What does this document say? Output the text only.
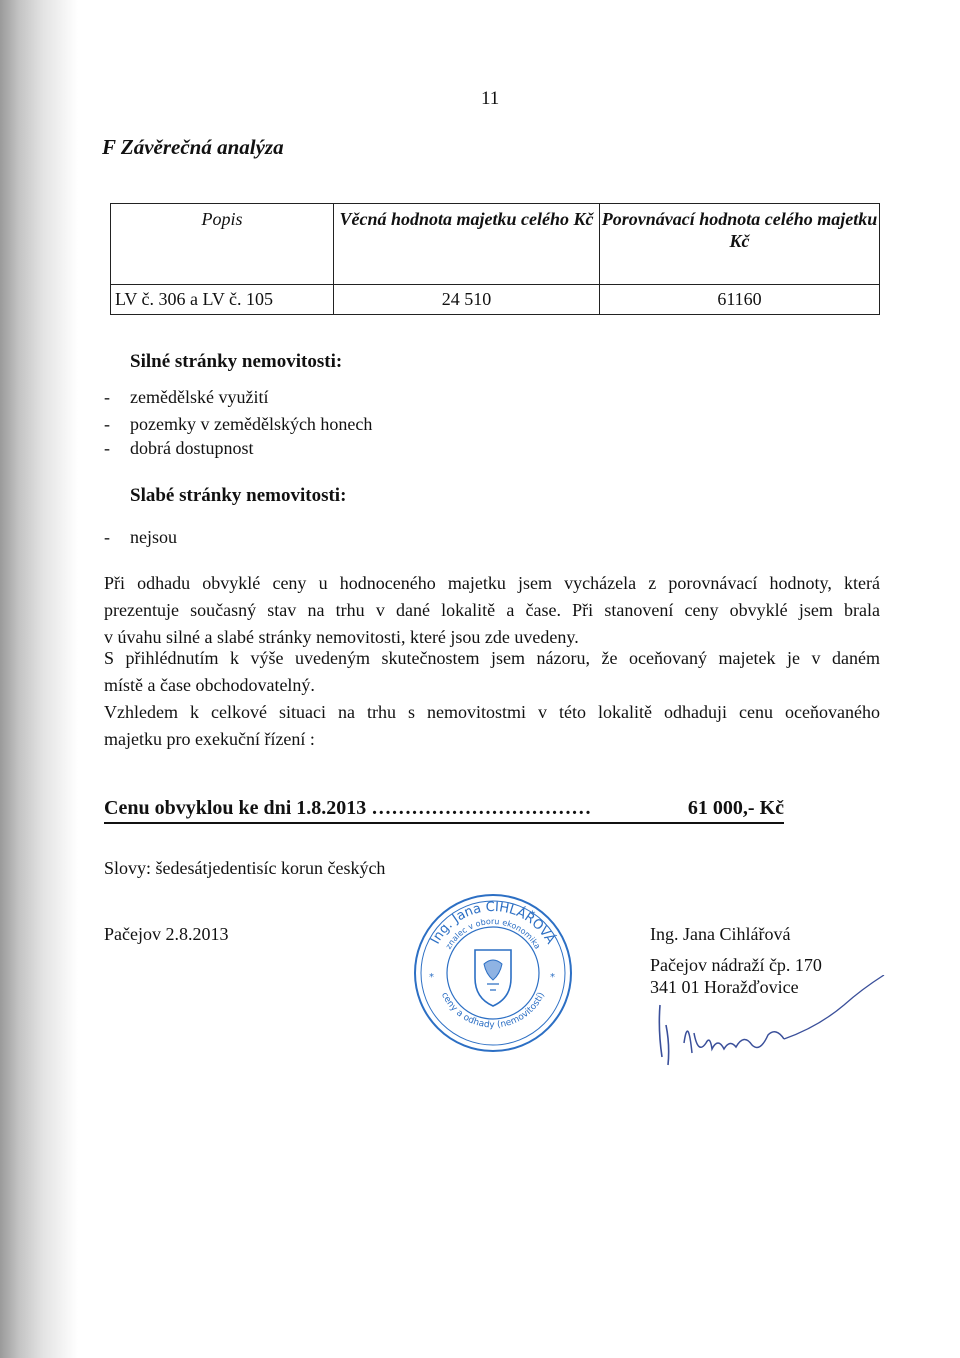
11
F Závěrečná analýza
Popis	Věcná hodnota majetku celého Kč	Porovnávací hodnota celého majetku Kč
LV č. 306 a LV č. 105	24 510	61160
Silné stránky nemovitosti:
- zemědělské využití
- pozemky v zemědělských honech
- dobrá dostupnost
Slabé stránky nemovitosti:
- nejsou
Při odhadu obvyklé ceny u hodnoceného majetku jsem vycházela z porovnávací hodnoty, která
prezentuje současný stav na trhu v dané lokalitě a čase. Při stanovení ceny obvyklé jsem brala
v úvahu silné a slabé stránky nemovitosti, které jsou zde uvedeny.
S přihlédnutím k výše uvedeným skutečnostem jsem názoru, že oceňovaný majetek je v daném
místě a čase obchodovatelný.
Vzhledem k celkové situaci na trhu s nemovitostmi v této lokalitě odhaduji cenu oceňovaného
majetku pro exekuční řízení :
Cenu obvyklou ke dni 1.8.2013 ……………………………	61 000,- Kč
Slovy: šedesátjedentisíc korun českých
Pačejov 2.8.2013
*	*
Ing. Jana CIHLÁŘOVÁ
znalec v oboru ekonomika
ceny a odhady (nemovitostí)
Ing. Jana Cihlářová
Pačejov nádraží čp. 170
341 01 Horažďovice
